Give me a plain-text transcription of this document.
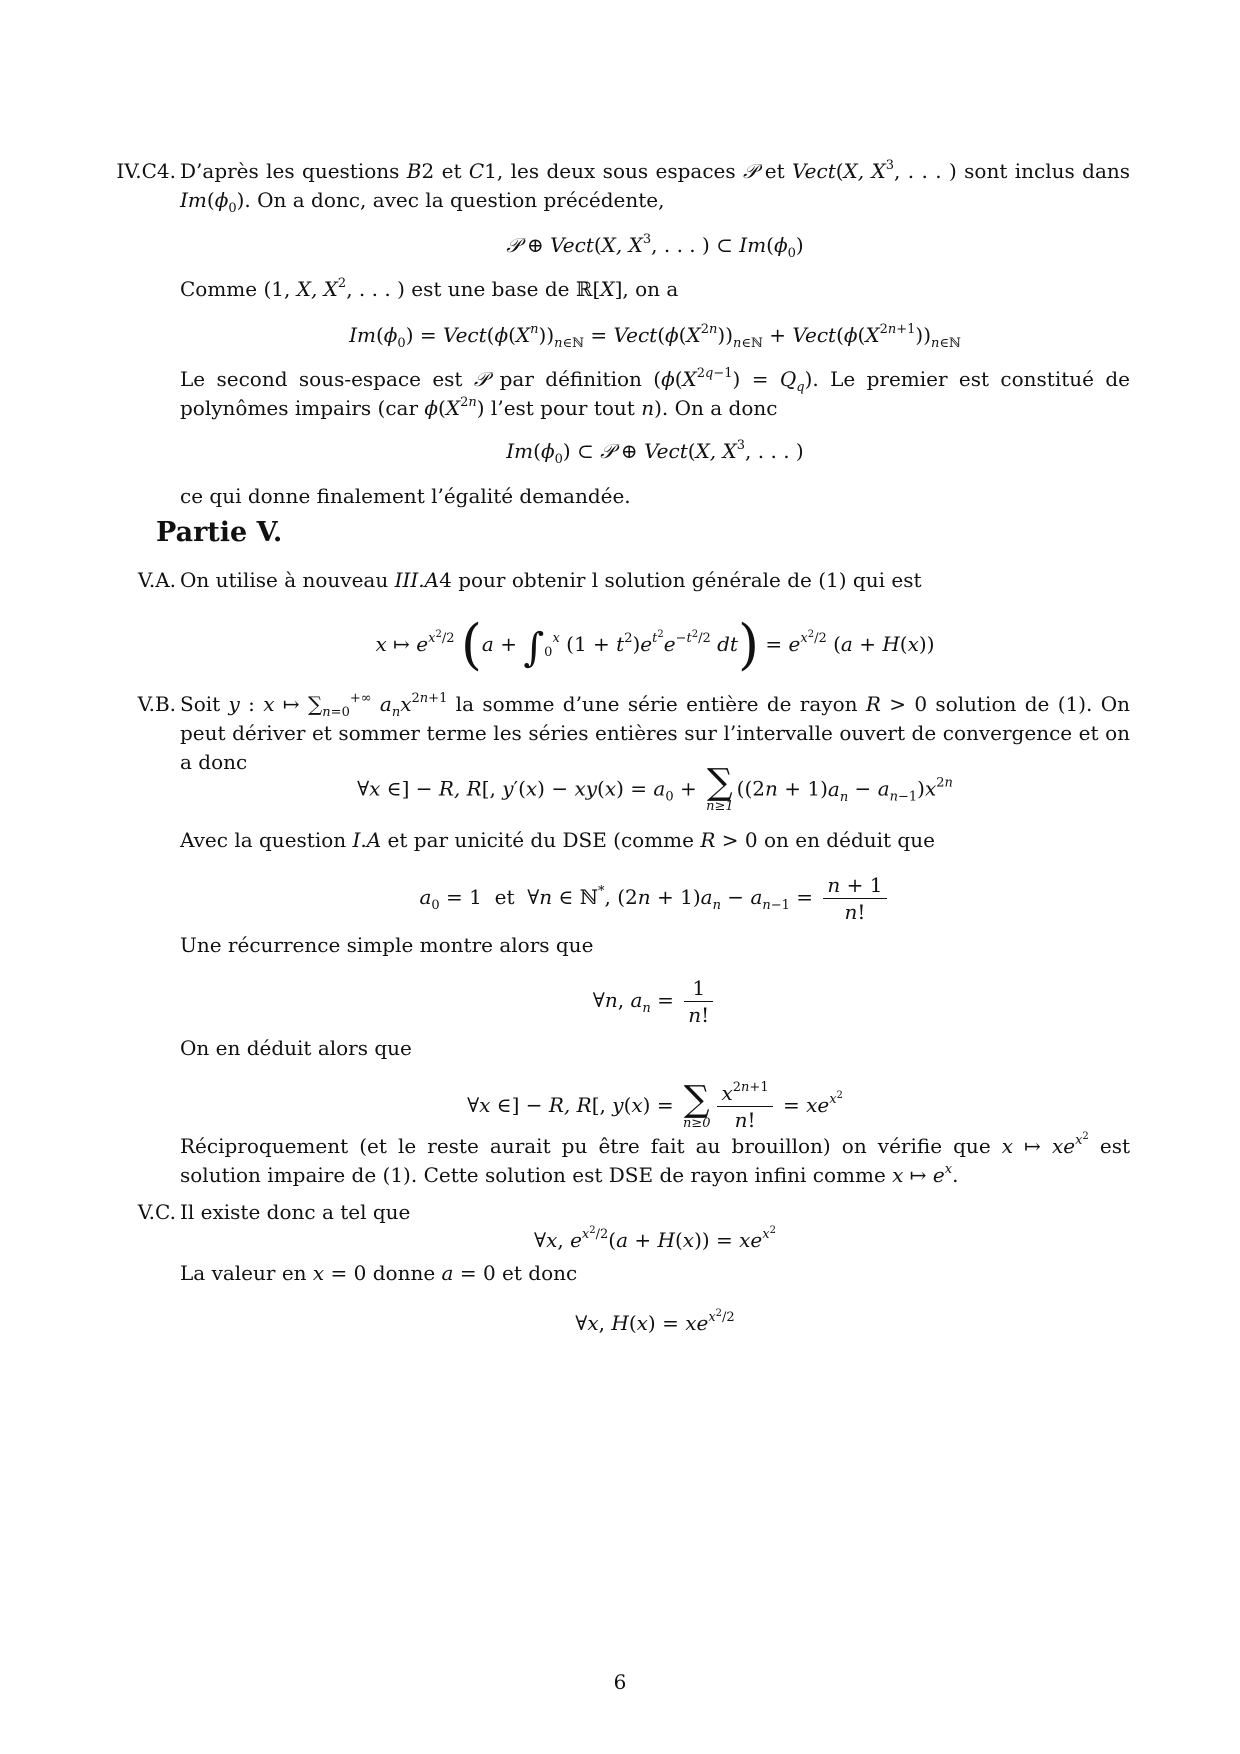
IV.C4. D’après les questions B2 et C1, les deux sous espaces 𝒫 et Vect(X, $X^3$, . . . ) sont inclus dans $Im(\phi_0)$. On a donc, avec la question précédente,

𝒫 ⊕ Vect(X, $X^3$, . . . ) ⊂ $Im(\phi_0)$

Comme (1, X, $X^2$, . . . ) est une base de ℝ[X], on a

$Im(\phi_0)$ = $Vect(\phi(X^n))_{n\in ℕ}$ = $Vect(\phi(X^{2n}))_{n\in ℕ}$ + $Vect(\phi(X^{2n+1}))_{n\in ℕ}$

Le second sous-espace est 𝒫 par définition $(\phi(X^{2q-1}) = Q_q)$. Le premier est constitué de polynômes impairs (car $\phi(X^{2n})$ l’est pour tout n). On a donc

$Im(\phi_0)$ ⊂ 𝒫 ⊕ Vect(X, $X^3$, . . . )

ce qui donne finalement l’égalité demandée.

Partie V.
V.A. On utilise à nouveau III.A4 pour obtenir l solution générale de (1) qui est

x ↦ $e^{x^2/2}$ ($a + \int_0^x$ $(1 + t^2)e^{t^2}e^{-t^2/2}$ $dt) = e^{x^2/2}$ (a + H(x))
V.B. Soit y : x ↦ $\sum_{n=0}^{+\infty}$ $a_nx^{2n+1}$ la somme d’une série entière de rayon R > 0 solution de (1). On peut dériver et sommer terme les séries entières sur l’intervalle ouvert de convergence et on a donc

∀x ∈] − R, R[, $y'(x) - xy(x) = a_0$ + ∑
n≥1
$((2n + 1)a_n - a_{n-1})x^{2n}$

Avec la question I.A et par unicité du DSE (comme R > 0 on en déduit que

$a_0 = 1$  et  ∀n ∈ ℕ*, $(2n + 1)a_n - a_{n-1} = \frac{n + 1}{n!}$

Une récurrence simple montre alors que

∀n, $a_n = \frac{1}{n!}$

On en déduit alors que

∀x ∈] − R, R[, y(x) = ∑
$n\ge 0 \frac{x^{2n+1}}{n!} = xe^{x^2}$

Réciproquement (et le reste aurait pu être fait au brouillon) on vérifie que x ↦ $xe^{x^2}$ est solution impaire de (1). Cette solution est DSE de rayon infini comme x ↦ $e^x$.

V.C. Il existe donc a tel que

∀x, $e^{x^2/2}(a + H(x)) = xe^{x^2}$

La valeur en x = 0 donne a = 0 et donc

∀x, $H(x) = xe^{x^2/2}$
6
